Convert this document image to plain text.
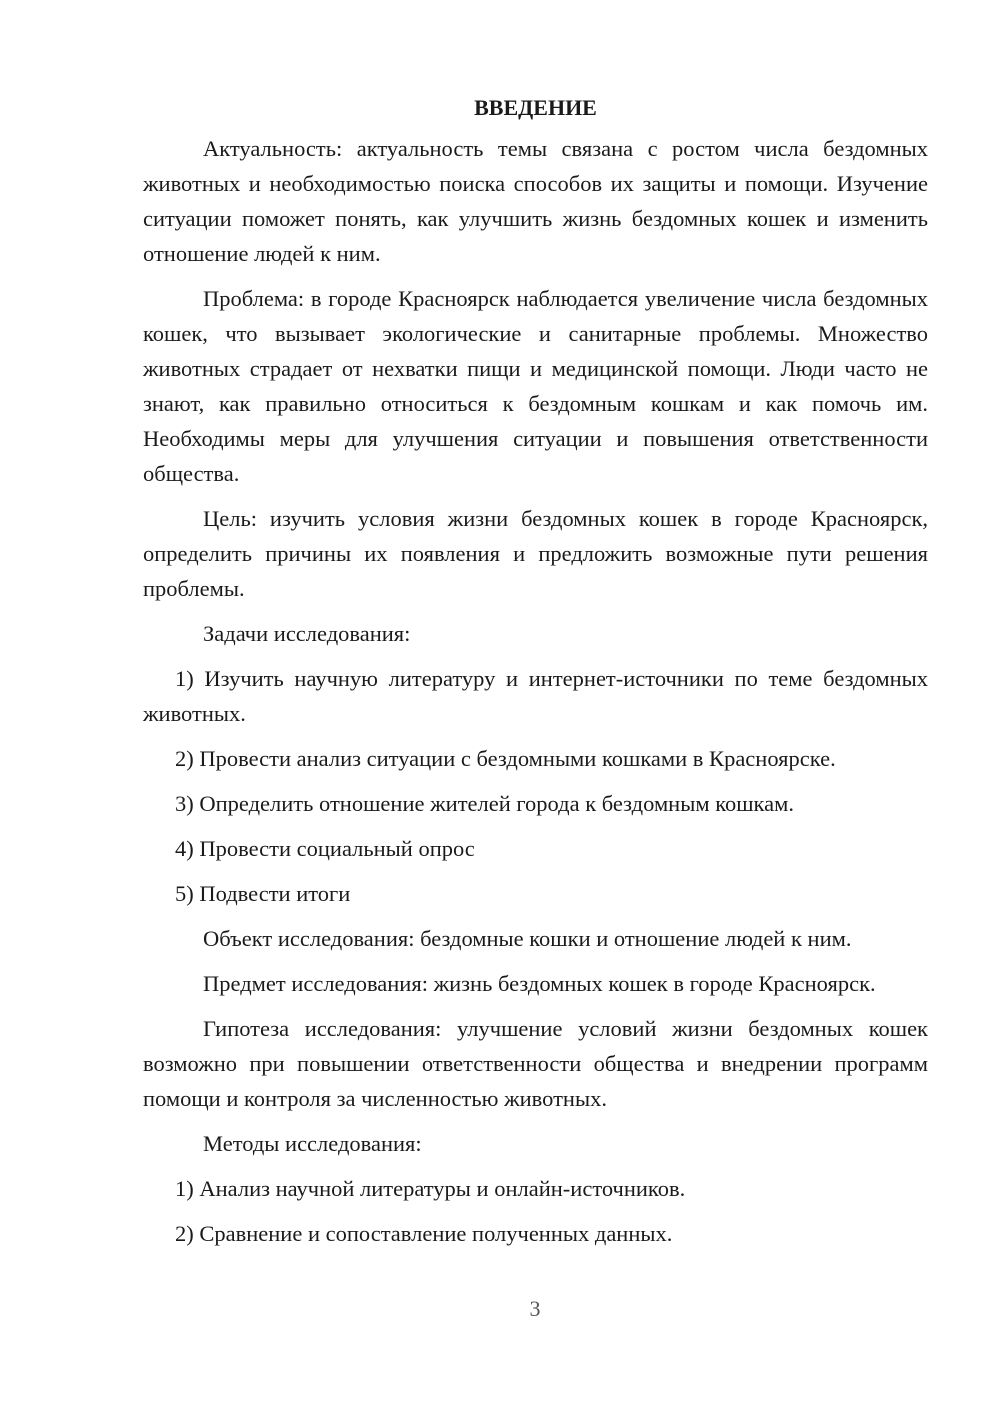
ВВЕДЕНИЕ

Актуальность: актуальность темы связана с ростом числа бездомных животных и необходимостью поиска способов их защиты и помощи. Изучение ситуации поможет понять, как улучшить жизнь бездомных кошек и изменить отношение людей к ним.

Проблема: в городе Красноярск наблюдается увеличение числа бездомных кошек, что вызывает экологические и санитарные проблемы. Множество животных страдает от нехватки пищи и медицинской помощи. Люди часто не знают, как правильно относиться к бездомным кошкам и как помочь им. Необходимы меры для улучшения ситуации и повышения ответственности общества.

Цель: изучить условия жизни бездомных кошек в городе Красноярск, определить причины их появления и предложить возможные пути решения проблемы.

Задачи исследования:

1) Изучить научную литературу и интернет-источники по теме бездомных животных.

2) Провести анализ ситуации с бездомными кошками в Красноярске.

3) Определить отношение жителей города к бездомным кошкам.

4) Провести социальный опрос

5) Подвести итоги

Объект исследования: бездомные кошки и отношение людей к ним.

Предмет исследования: жизнь бездомных кошек в городе Красноярск.

Гипотеза исследования: улучшение условий жизни бездомных кошек возможно при повышении ответственности общества и внедрении программ помощи и контроля за численностью животных.

Методы исследования:

1) Анализ научной литературы и онлайн-источников.

2) Сравнение и сопоставление полученных данных.

3
